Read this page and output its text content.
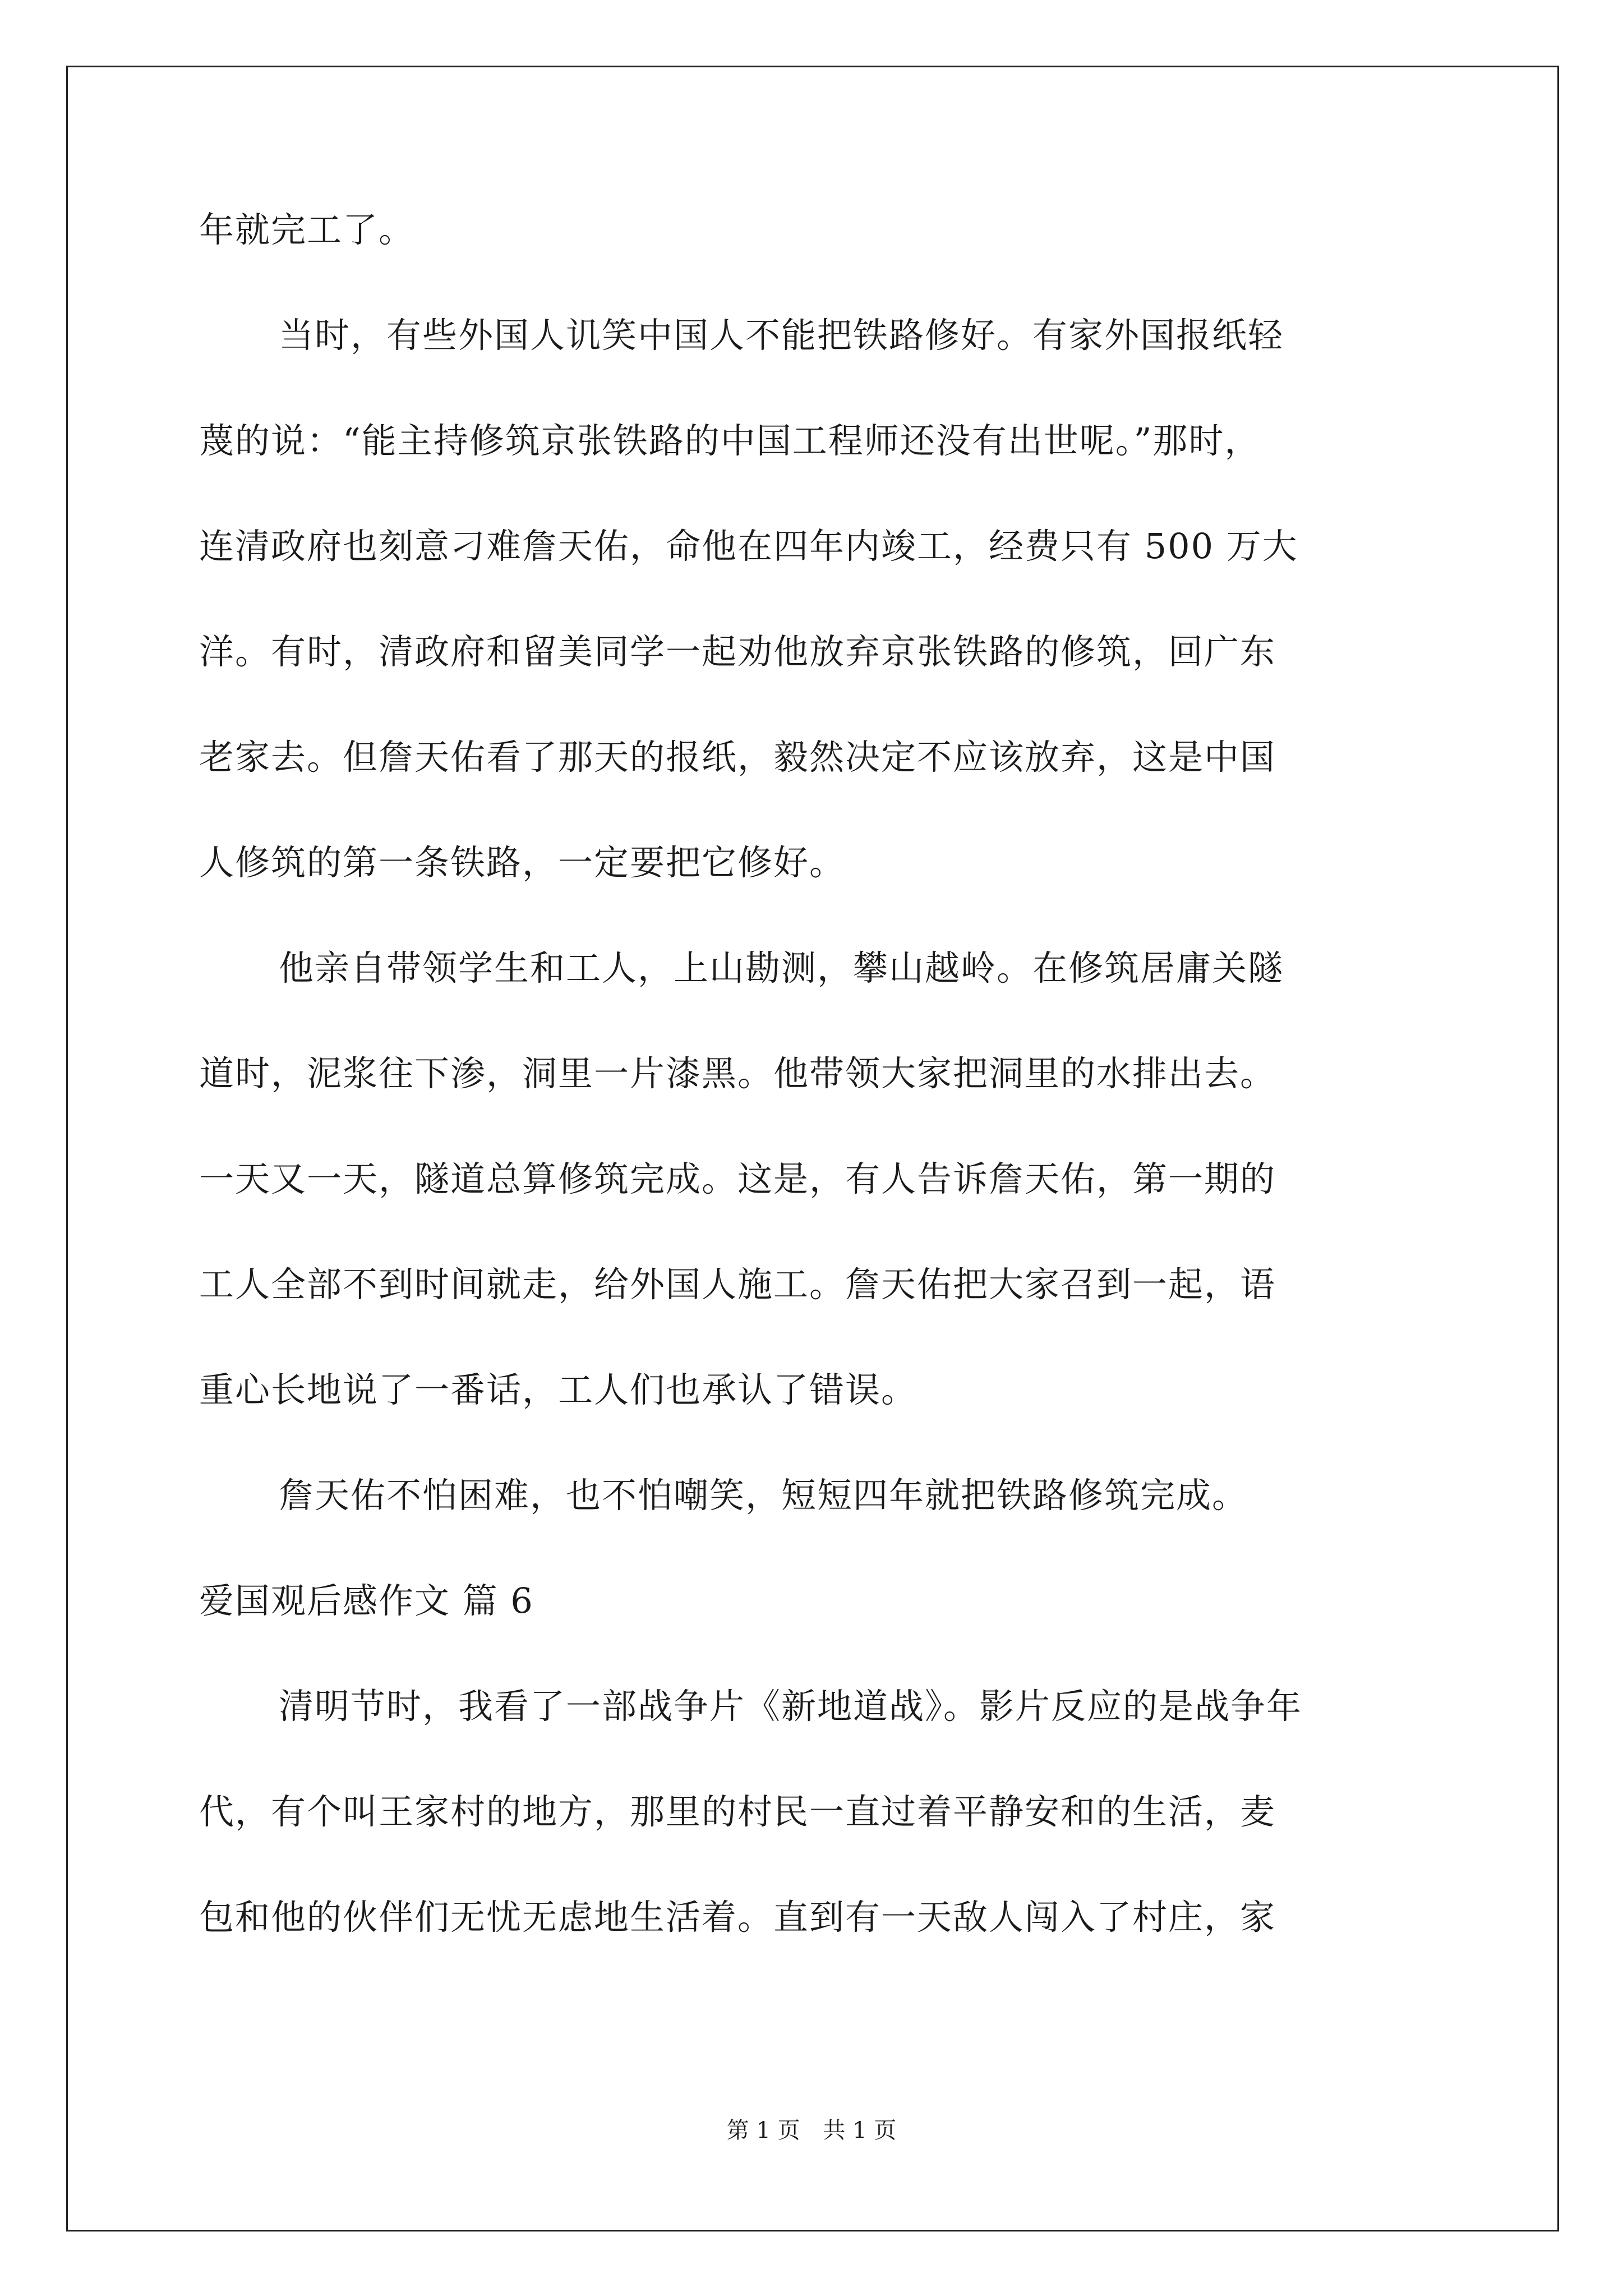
年就完工了。
当时，有些外国人讥笑中国人不能把铁路修好。有家外国报纸轻
蔑的说：“能主持修筑京张铁路的中国工程师还没有出世呢。”那时，
连清政府也刻意刁难詹天佑，命他在四年内竣工，经费只有 500 万大
洋。有时，清政府和留美同学一起劝他放弃京张铁路的修筑，回广东
老家去。但詹天佑看了那天的报纸，毅然决定不应该放弃，这是中国
人修筑的第一条铁路，一定要把它修好。
他亲自带领学生和工人，上山勘测，攀山越岭。在修筑居庸关隧
道时，泥浆往下渗，洞里一片漆黑。他带领大家把洞里的水排出去。
一天又一天，隧道总算修筑完成。这是，有人告诉詹天佑，第一期的
工人全部不到时间就走，给外国人施工。詹天佑把大家召到一起，语
重心长地说了一番话，工人们也承认了错误。
詹天佑不怕困难，也不怕嘲笑，短短四年就把铁路修筑完成。
爱国观后感作文 篇 6
清明节时，我看了一部战争片《新地道战》。影片反应的是战争年
代，有个叫王家村的地方，那里的村民一直过着平静安和的生活，麦
包和他的伙伴们无忧无虑地生活着。直到有一天敌人闯入了村庄，家
第 1 页 共 1 页
